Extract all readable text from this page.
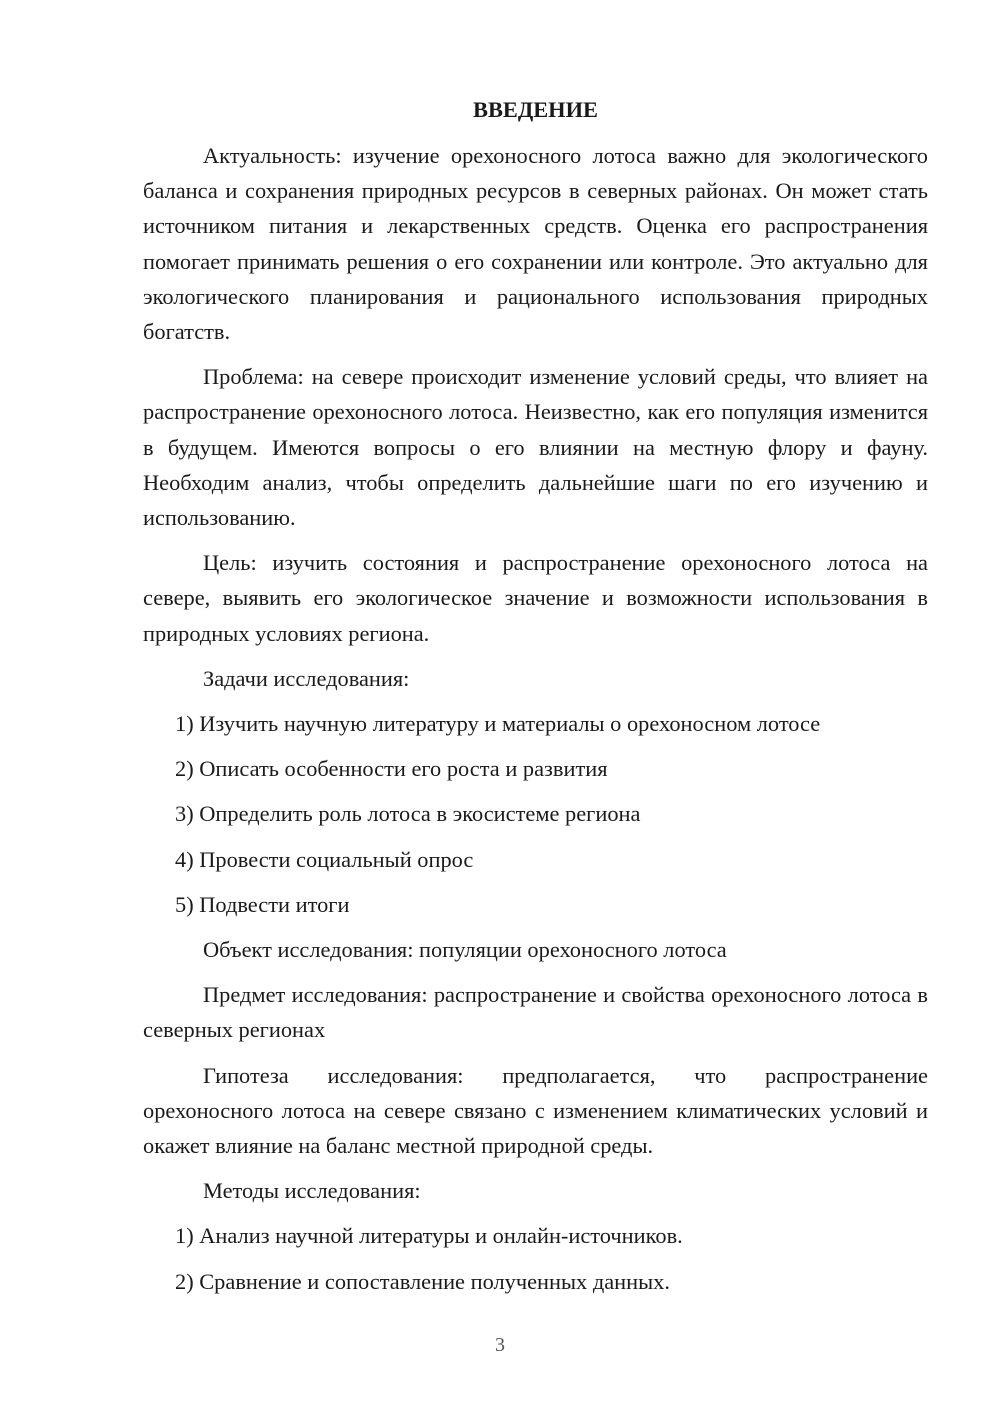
ВВЕДЕНИЕ

Актуальность: изучение орехоносного лотоса важно для экологического баланса и сохранения природных ресурсов в северных районах. Он может стать источником питания и лекарственных средств. Оценка его распространения помогает принимать решения о его сохранении или контроле. Это актуально для экологического планирования и рационального использования природных богатств.

Проблема: на севере происходит изменение условий среды, что влияет на распространение орехоносного лотоса. Неизвестно, как его популяция изменится в будущем. Имеются вопросы о его влиянии на местную флору и фауну. Необходим анализ, чтобы определить дальнейшие шаги по его изучению и использованию.

Цель: изучить состояния и распространение орехоносного лотоса на севере, выявить его экологическое значение и возможности использования в природных условиях региона.

Задачи исследования:

1) Изучить научную литературу и материалы о орехоносном лотосе

2) Описать особенности его роста и развития

3) Определить роль лотоса в экосистеме региона

4) Провести социальный опрос

5) Подвести итоги

Объект исследования: популяции орехоносного лотоса

Предмет исследования: распространение и свойства орехоносного лотоса в северных регионах

Гипотеза исследования: предполагается, что распространение орехоносного лотоса на севере связано с изменением климатических условий и окажет влияние на баланс местной природной среды.

Методы исследования:

1) Анализ научной литературы и онлайн-источников.

2) Сравнение и сопоставление полученных данных.

3
